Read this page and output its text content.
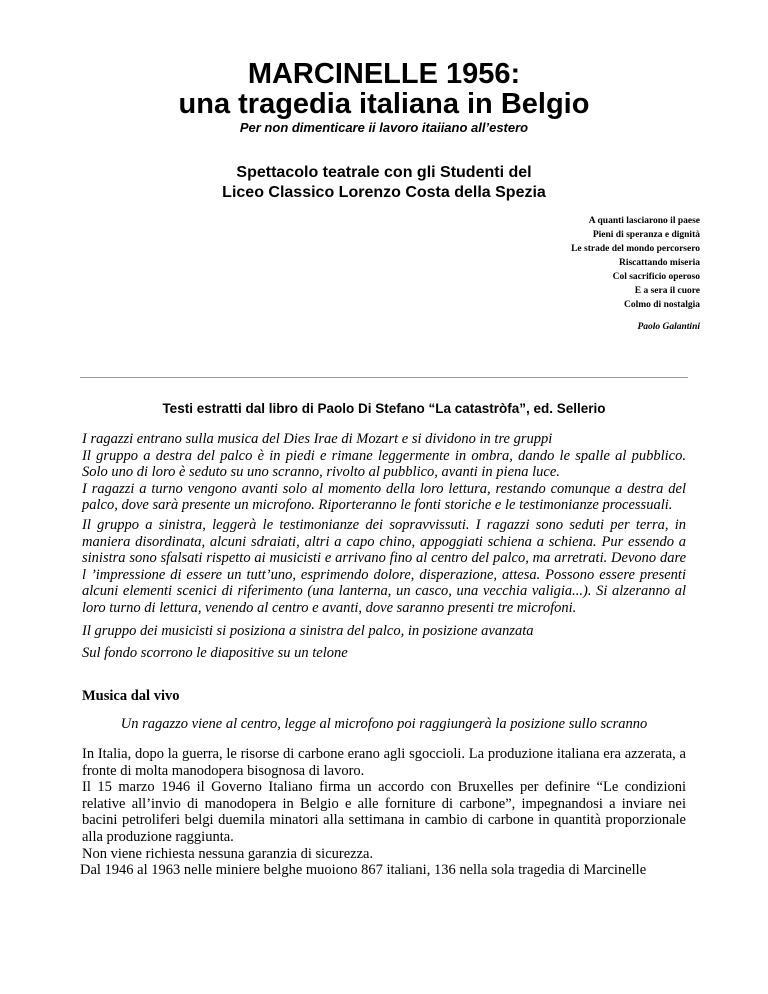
MARCINELLE 1956:
una tragedia italiana in Belgio
Per non dimenticare ii lavoro itaiiano all’estero
Spettacolo teatrale con gli Studenti del
Liceo Classico Lorenzo Costa della Spezia
A quanti lasciarono il paese
Pieni di speranza e dignità
Le strade del mondo percorsero
Riscattando miseria
Col sacrificio operoso
E a sera il cuore
Colmo di nostalgia
Paolo Galantini
Testi estratti dal libro di Paolo Di Stefano “La catastròfa”, ed. Sellerio

I ragazzi entrano sulla musica del Dies Irae di Mozart e si dividono in tre gruppi

Il gruppo a destra del palco è in piedi e rimane leggermente in ombra, dando le spalle al pubblico. Solo uno di loro è seduto su uno scranno, rivolto al pubblico, avanti in piena luce.

I ragazzi a turno vengono avanti solo al momento della loro lettura, restando comunque a destra del palco, dove sarà presente un microfono. Riporteranno le fonti storiche e le testimonianze processuali.

Il gruppo a sinistra, leggerà le testimonianze dei sopravvissuti. I ragazzi sono seduti per terra, in maniera disordinata, alcuni sdraiati, altri a capo chino, appoggiati schiena a schiena. Pur essendo a sinistra sono sfalsati rispetto ai musicisti e arrivano fino al centro del palco, ma arretrati. Devono dare l ’impressione di essere un tutt’uno, esprimendo dolore, disperazione, attesa. Possono essere presenti alcuni elementi scenici di riferimento (una lanterna, un casco, una vecchia valigia...). Si alzeranno al loro turno di lettura, venendo al centro e avanti, dove saranno presenti tre microfoni.

Il gruppo dei musicisti si posiziona a sinistra del palco, in posizione avanzata

Sul fondo scorrono le diapositive su un telone

Musica dal vivo
Un ragazzo viene al centro, legge al microfono poi raggiungerà la posizione sullo scranno

In Italia, dopo la guerra, le risorse di carbone erano agli sgoccioli. La produzione italiana era azzerata, a fronte di molta manodopera bisognosa di lavoro.

Il 15 marzo 1946 il Governo Italiano firma un accordo con Bruxelles per definire “Le condizioni relative all’invio di manodopera in Belgio e alle forniture di carbone”, impegnandosi a inviare nei bacini petroliferi belgi duemila minatori alla settimana in cambio di carbone in quantità proporzionale alla produzione raggiunta.

Non viene richiesta nessuna garanzia di sicurezza.

Dal 1946 al 1963 nelle miniere belghe muoiono 867 italiani, 136 nella sola tragedia di Marcinelle
